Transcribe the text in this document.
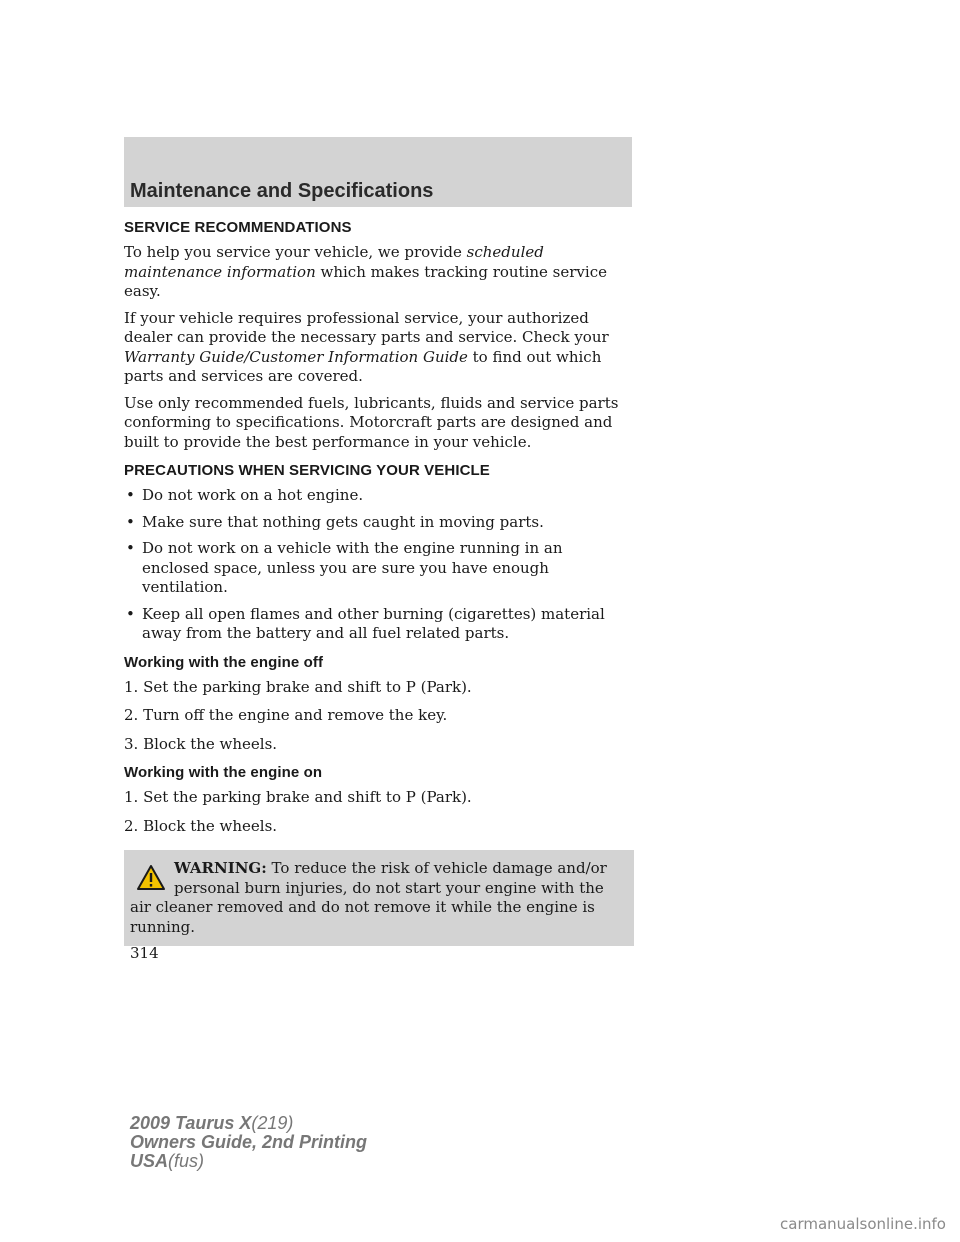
Maintenance and Specifications
SERVICE RECOMMENDATIONS

To help you service your vehicle, we provide scheduled maintenance information which makes tracking routine service easy.

If your vehicle requires professional service, your authorized dealer can provide the necessary parts and service. Check your Warranty Guide/Customer Information Guide to find out which parts and services are covered.

Use only recommended fuels, lubricants, fluids and service parts conforming to specifications. Motorcraft parts are designed and built to provide the best performance in your vehicle.

PRECAUTIONS WHEN SERVICING YOUR VEHICLE
• Do not work on a hot engine.
• Make sure that nothing gets caught in moving parts.
• Do not work on a vehicle with the engine running in an enclosed space, unless you are sure you have enough ventilation.
• Keep all open flames and other burning (cigarettes) material away from the battery and all fuel related parts.
Working with the engine off

1. Set the parking brake and shift to P (Park).

2. Turn off the engine and remove the key.

3. Block the wheels.

Working with the engine on

1. Set the parking brake and shift to P (Park).

2. Block the wheels.

WARNING: To reduce the risk of vehicle damage and/or personal burn injuries, do not start your engine with the air cleaner removed and do not remove it while the engine is running.
314
2009 Taurus X(219)
Owners Guide, 2nd Printing
USA(fus)
carmanualsonline.info
